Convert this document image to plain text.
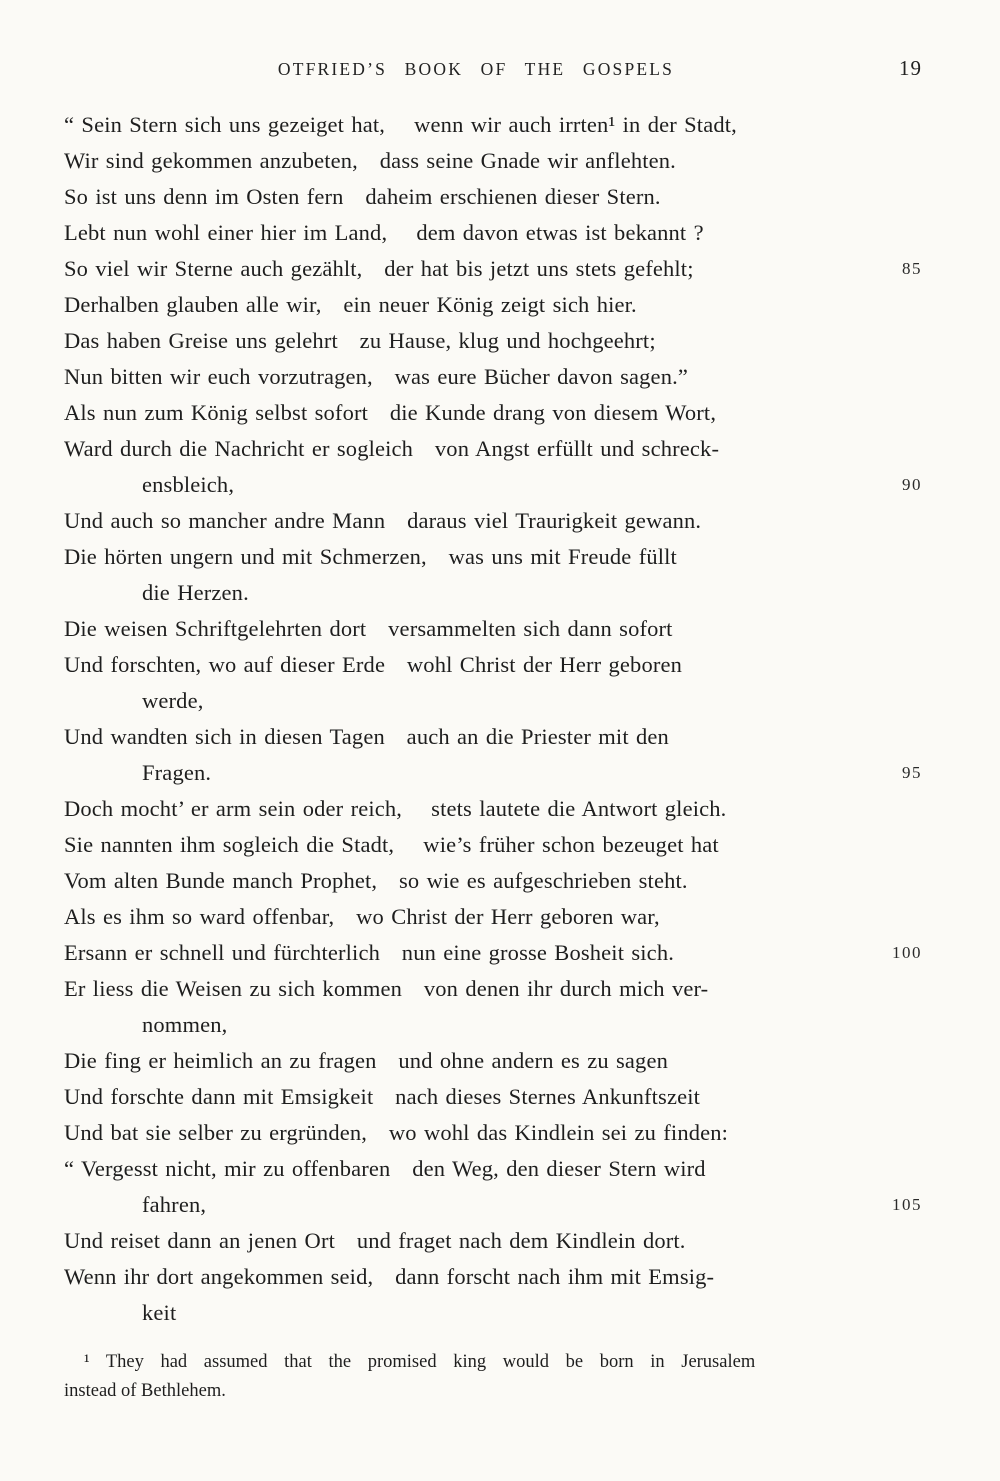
OTFRIED’S BOOK OF THE GOSPELS	19
“ Sein Stern sich uns gezeiget hat,    wenn wir auch irrten¹ in der Stadt,
Wir sind gekommen anzubeten,   dass seine Gnade wir anflehten.
So ist uns denn im Osten fern   daheim erschienen dieser Stern.
Lebt nun wohl einer hier im Land,    dem davon etwas ist bekannt ?
So viel wir Sterne auch gezählt,   der hat bis jetzt uns stets gefehlt;	85
Derhalben glauben alle wir,   ein neuer König zeigt sich hier.
Das haben Greise uns gelehrt   zu Hause, klug und hochgeehrt;
Nun bitten wir euch vorzutragen,   was eure Bücher davon sagen.”
Als nun zum König selbst sofort   die Kunde drang von diesem Wort,
Ward durch die Nachricht er sogleich   von Angst erfüllt und schreck-
ensbleich,	90
Und auch so mancher andre Mann   daraus viel Traurigkeit gewann.
Die hörten ungern und mit Schmerzen,   was uns mit Freude füllt
die Herzen.
Die weisen Schriftgelehrten dort   versammelten sich dann sofort
Und forschten, wo auf dieser Erde   wohl Christ der Herr geboren
werde,
Und wandten sich in diesen Tagen   auch an die Priester mit den
Fragen.	95
Doch mocht’ er arm sein oder reich,    stets lautete die Antwort gleich.
Sie nannten ihm sogleich die Stadt,    wie’s früher schon bezeuget hat
Vom alten Bunde manch Prophet,   so wie es aufgeschrieben steht.
Als es ihm so ward offenbar,   wo Christ der Herr geboren war,
Ersann er schnell und fürchterlich   nun eine grosse Bosheit sich.	100
Er liess die Weisen zu sich kommen   von denen ihr durch mich ver-
nommen,
Die fing er heimlich an zu fragen   und ohne andern es zu sagen
Und forschte dann mit Emsigkeit   nach dieses Sternes Ankunftszeit
Und bat sie selber zu ergründen,   wo wohl das Kindlein sei zu finden:
“ Vergesst nicht, mir zu offenbaren   den Weg, den dieser Stern wird
fahren,	105
Und reiset dann an jenen Ort   und fraget nach dem Kindlein dort.
Wenn ihr dort angekommen seid,   dann forscht nach ihm mit Emsig-
keit
¹ They had assumed that the promised king would be born in Jerusalem
instead of Bethlehem.
